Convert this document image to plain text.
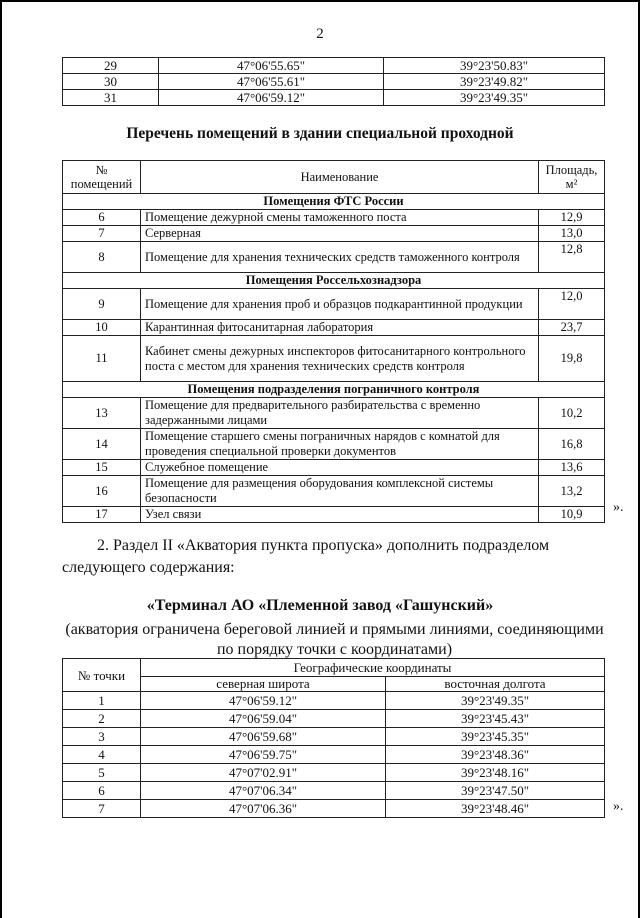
2
29	47°06'55.65"	39°23'50.83"
30	47°06'55.61"	39°23'49.82"
31	47°06'59.12"	39°23'49.35"
Перечень помещений в здании специальной проходной
№
помещений	Наименование	Площадь,
м²
Помещения ФТС России		
6	Помещение дежурной смены таможенного поста	12,9
7	Серверная	13,0
8	Помещение для хранения технических средств таможенного контроля	12,8
Помещения Россельхознадзора		
9	Помещение для хранения проб и образцов подкарантинной продукции	12,0
10	Карантинная фитосанитарная лаборатория	23,7
11	Кабинет смены дежурных инспекторов фитосанитарного контрольного поста с местом для хранения технических средств контроля	19,8
Помещения подразделения пограничного контроля		
13	Помещение для предварительного разбирательства с временно задержанными лицами	10,2
14	Помещение старшего смены пограничных нарядов с комнатой для проведения специальной проверки документов	16,8
15	Служебное помещение	13,6
16	Помещение для размещения оборудования комплексной системы безопасности	13,2
17	Узел связи	10,9 ».
2. Раздел II «Акватория пункта пропуска» дополнить подразделом следующего содержания:
«Терминал АО «Племенной завод «Гашунский»
(акватория ограничена береговой линией и прямыми линиями, соединяющими по порядку точки с координатами)
№ точки	Географические координаты	
	северная широта	восточная долгота
1	47°06'59.12"	39°23'49.35"
2	47°06'59.04"	39°23'45.43"
3	47°06'59.68"	39°23'45.35"
4	47°06'59.75"	39°23'48.36"
5	47°07'02.91"	39°23'48.16"
6	47°07'06.34"	39°23'47.50"
7	47°07'06.36"	39°23'48.46"	».
